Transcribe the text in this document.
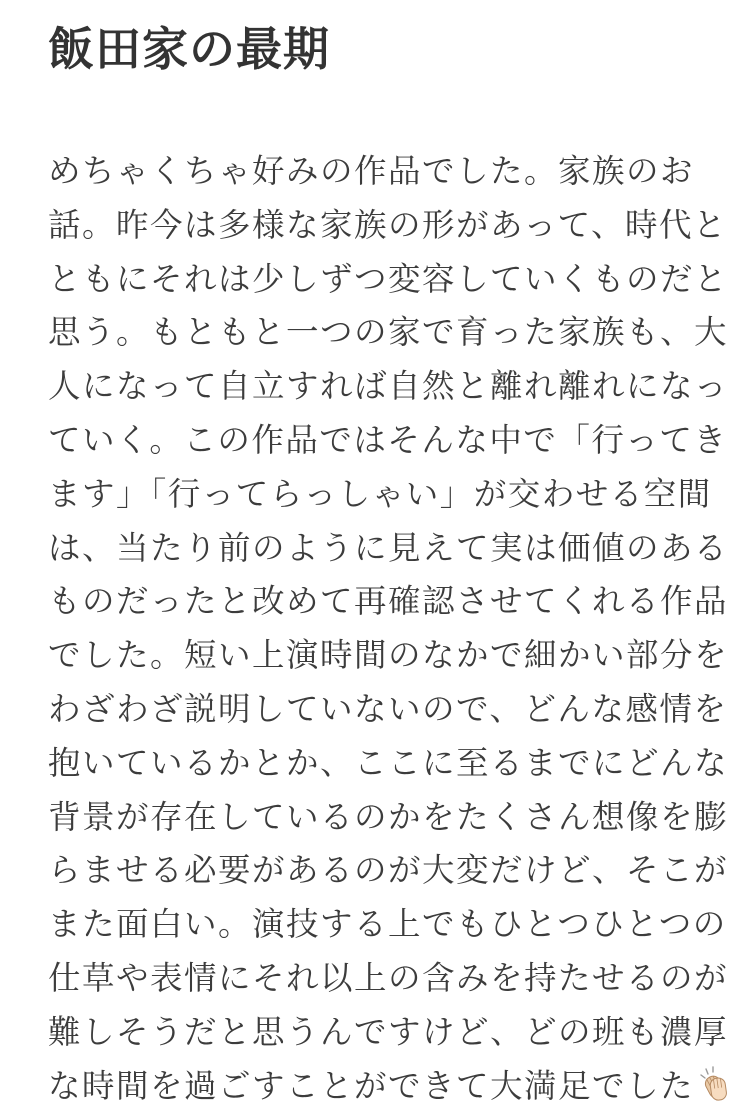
飯田家の最期
めちゃくちゃ好みの作品でした。家族のお
話。昨今は多様な家族の形があって、時代と
ともにそれは少しずつ変容していくものだと
思う。もともと一つの家で育った家族も、大
人になって自立すれば自然と離れ離れになっ
ていく。この作品ではそんな中で「行ってき
ます」「行ってらっしゃい」が交わせる空間
は、当たり前のように見えて実は価値のある
ものだったと改めて再確認させてくれる作品
でした。短い上演時間のなかで細かい部分を
わざわざ説明していないので、どんな感情を
抱いているかとか、ここに至るまでにどんな
背景が存在しているのかをたくさん想像を膨
らませる必要があるのが大変だけど、そこが
また面白い。演技する上でもひとつひとつの
仕草や表情にそれ以上の含みを持たせるのが
難しそうだと思うんですけど、どの班も濃厚
な時間を過ごすことができて大満足でした
